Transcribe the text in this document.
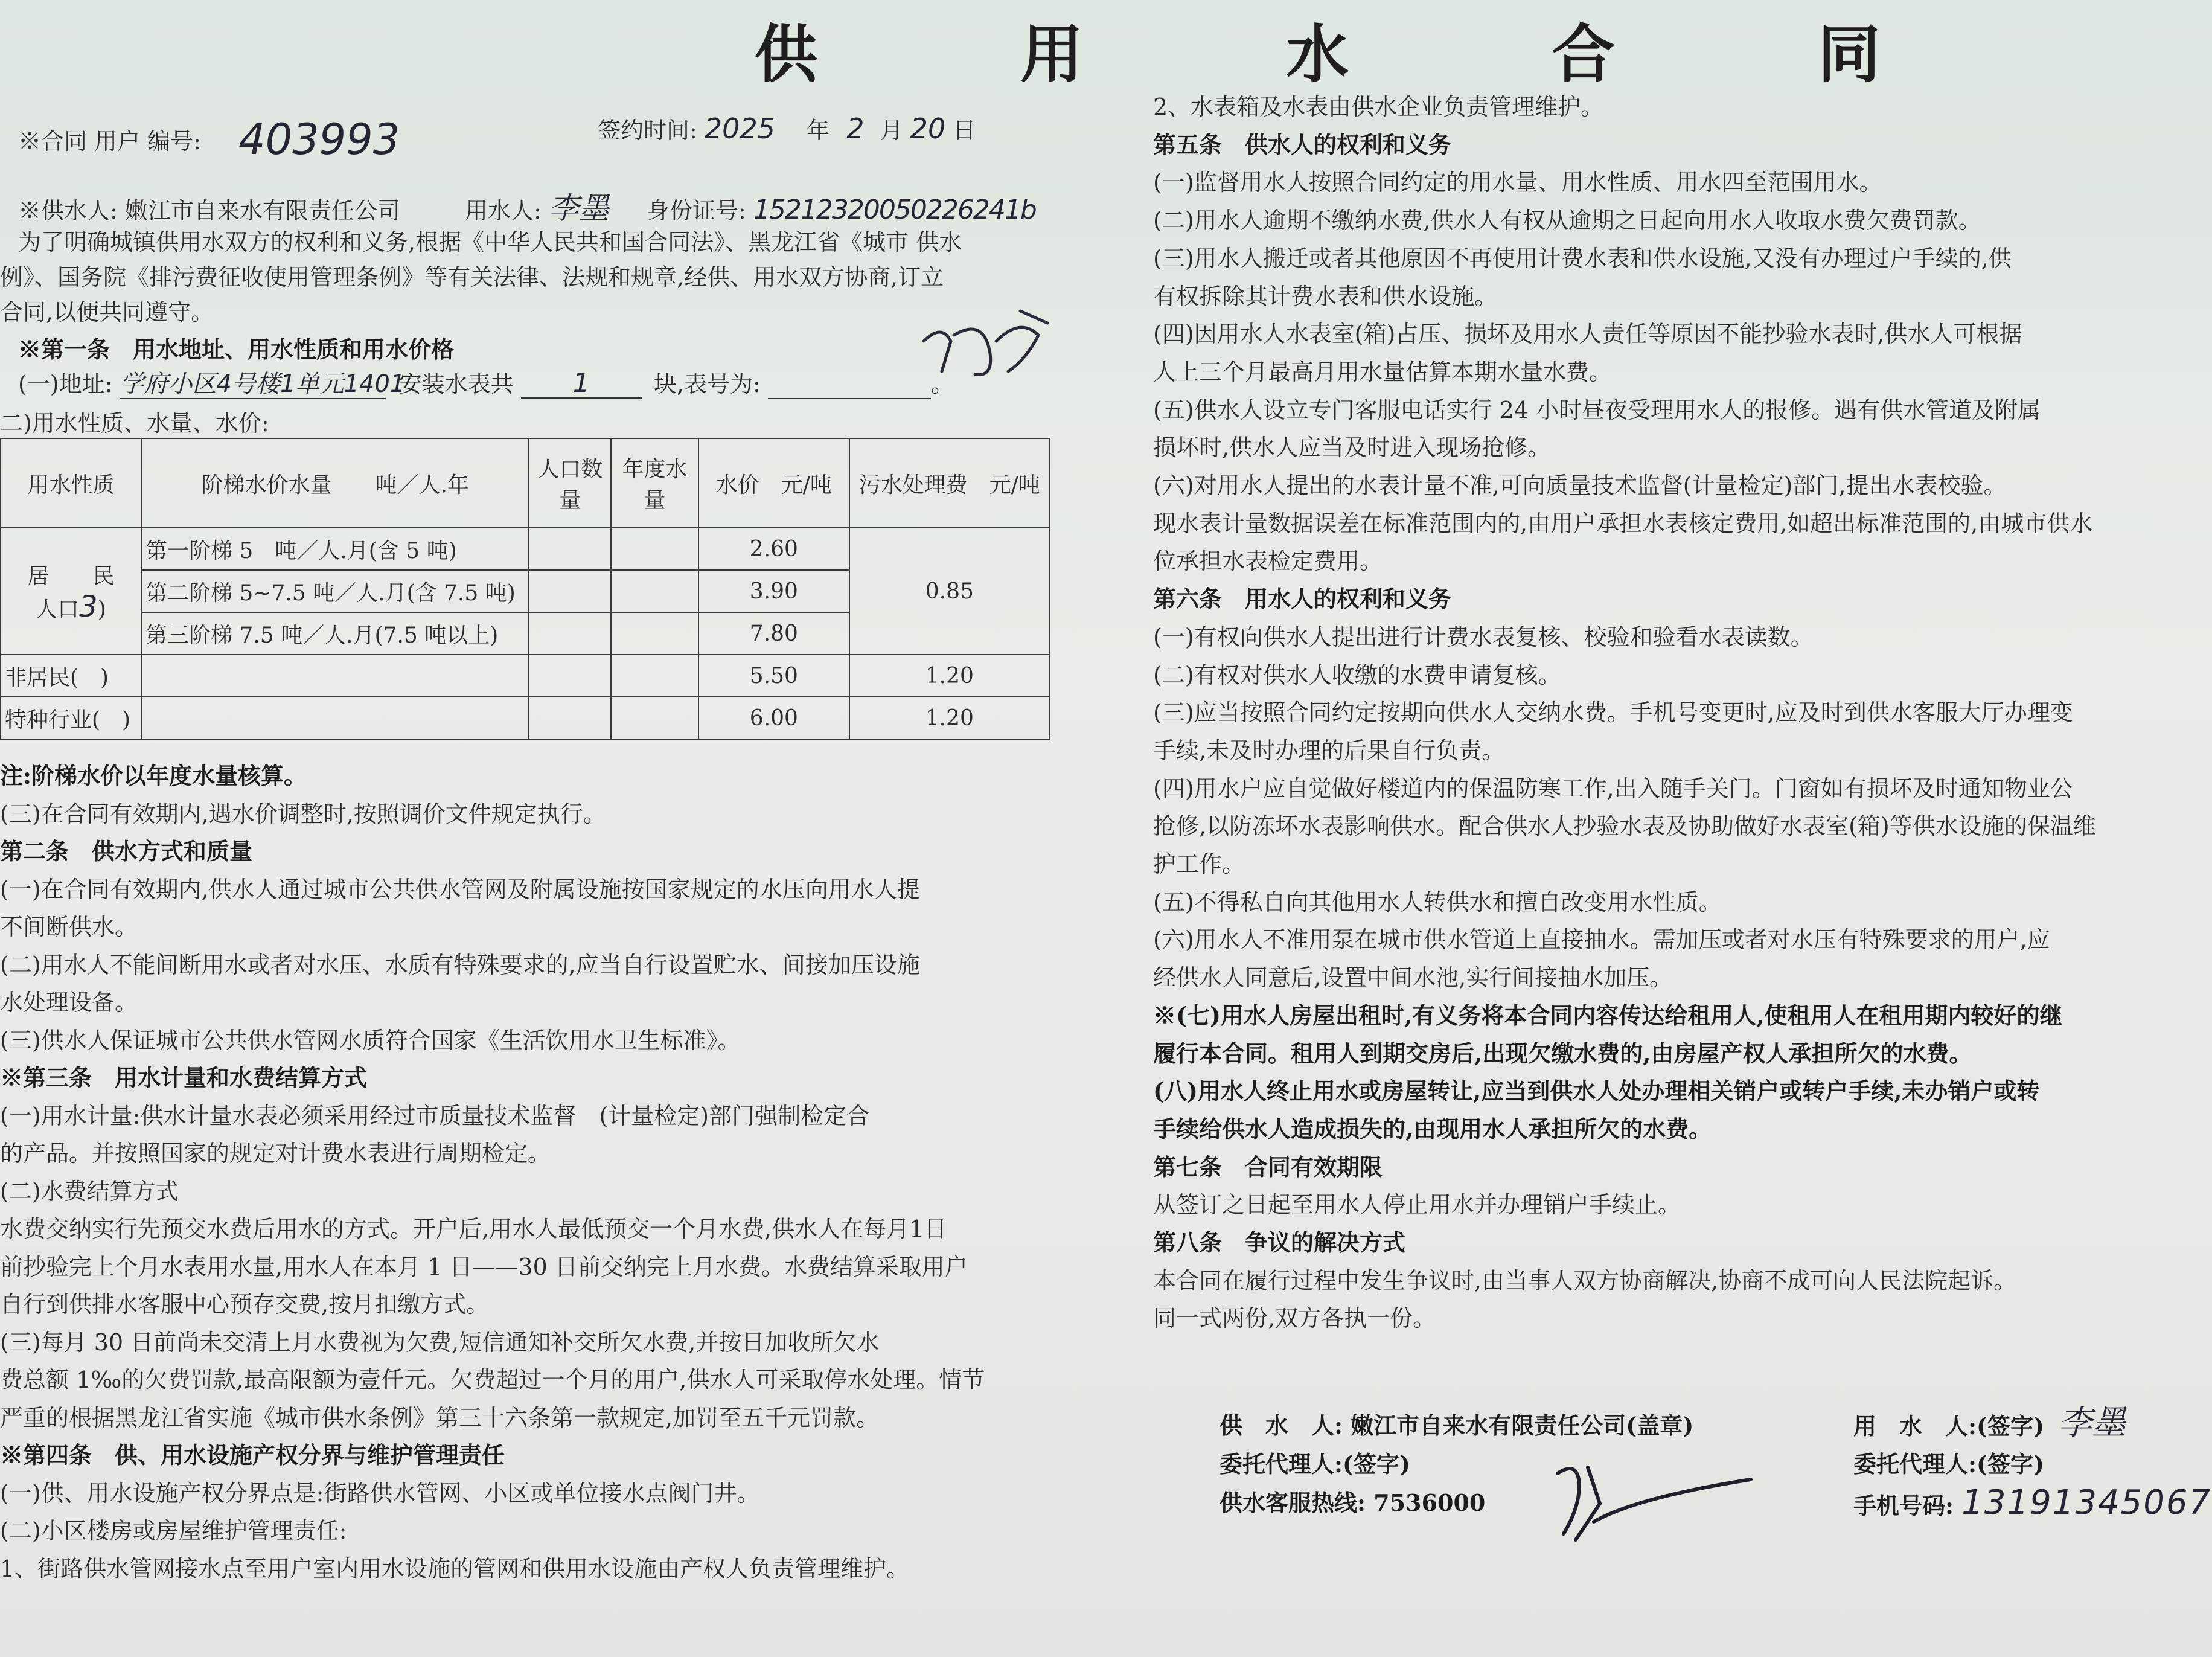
供 用 水 合 同
※合同 用户 编号: 403993	签约时间: 2025 年 2 月 20 日
※供水人: 嫩江市自来水有限责任公司	用水人: 李墨 身份证号: 15212320050226241b
为了明确城镇供用水双方的权利和义务,根据《中华人民共和国合同法》、黑龙江省《城市 供水
例》、国务院《排污费征收使用管理条例》等有关法律、法规和规章,经供、用水双方协商,订立
合同,以便共同遵守。
※第一条　用水地址、用水性质和用水价格
(一)地址: 学府小区4号楼1单元1401 安装水表共 1	块,表号为:	。
二)用水性质、水量、水价:
用水性质	阶梯水价水量　　吨／人.年	人口数量	年度水量	水价　元/吨	污水处理费　元/吨

居　　民
人口3)	第一阶梯 5　吨／人.月(含 5 吨)			2.60	0.85
	第二阶梯 5~7.5 吨／人.月(含 7.5 吨)			3.90	
	第三阶梯 7.5 吨／人.月(7.5 吨以上)			7.80	
非居民(　)				5.50	1.20
特种行业(　)				6.00	1.20
注:阶梯水价以年度水量核算。
(三)在合同有效期内,遇水价调整时,按照调价文件规定执行。
第二条　供水方式和质量
(一)在合同有效期内,供水人通过城市公共供水管网及附属设施按国家规定的水压向用水人提
不间断供水。
(二)用水人不能间断用水或者对水压、水质有特殊要求的,应当自行设置贮水、间接加压设施
水处理设备。
(三)供水人保证城市公共供水管网水质符合国家《生活饮用水卫生标准》。
※第三条　用水计量和水费结算方式
(一)用水计量:供水计量水表必须采用经过市质量技术监督　(计量检定)部门强制检定合
的产品。并按照国家的规定对计费水表进行周期检定。
(二)水费结算方式
水费交纳实行先预交水费后用水的方式。开户后,用水人最低预交一个月水费,供水人在每月1日
前抄验完上个月水表用水量,用水人在本月 1 日——30 日前交纳完上月水费。水费结算采取用户
自行到供排水客服中心预存交费,按月扣缴方式。
(三)每月 30 日前尚未交清上月水费视为欠费,短信通知补交所欠水费,并按日加收所欠水
费总额 1‰的欠费罚款,最高限额为壹仟元。欠费超过一个月的用户,供水人可采取停水处理。情节
严重的根据黑龙江省实施《城市供水条例》第三十六条第一款规定,加罚至五千元罚款。
※第四条　供、用水设施产权分界与维护管理责任
(一)供、用水设施产权分界点是:街路供水管网、小区或单位接水点阀门井。
(二)小区楼房或房屋维护管理责任:
1、街路供水管网接水点至用户室内用水设施的管网和供用水设施由产权人负责管理维护。
2、水表箱及水表由供水企业负责管理维护。
第五条　供水人的权利和义务
(一)监督用水人按照合同约定的用水量、用水性质、用水四至范围用水。
(二)用水人逾期不缴纳水费,供水人有权从逾期之日起向用水人收取水费欠费罚款。
(三)用水人搬迁或者其他原因不再使用计费水表和供水设施,又没有办理过户手续的,供
有权拆除其计费水表和供水设施。
(四)因用水人水表室(箱)占压、损坏及用水人责任等原因不能抄验水表时,供水人可根据
人上三个月最高月用水量估算本期水量水费。
(五)供水人设立专门客服电话实行 24 小时昼夜受理用水人的报修。遇有供水管道及附属
损坏时,供水人应当及时进入现场抢修。
(六)对用水人提出的水表计量不准,可向质量技术监督(计量检定)部门,提出水表校验。
现水表计量数据误差在标准范围内的,由用户承担水表核定费用,如超出标准范围的,由城市供水
位承担水表检定费用。
第六条　用水人的权利和义务
(一)有权向供水人提出进行计费水表复核、校验和验看水表读数。
(二)有权对供水人收缴的水费申请复核。
(三)应当按照合同约定按期向供水人交纳水费。手机号变更时,应及时到供水客服大厅办理变
手续,未及时办理的后果自行负责。
(四)用水户应自觉做好楼道内的保温防寒工作,出入随手关门。门窗如有损坏及时通知物业公
抢修,以防冻坏水表影响供水。配合供水人抄验水表及协助做好水表室(箱)等供水设施的保温维
护工作。
(五)不得私自向其他用水人转供水和擅自改变用水性质。
(六)用水人不准用泵在城市供水管道上直接抽水。需加压或者对水压有特殊要求的用户,应
经供水人同意后,设置中间水池,实行间接抽水加压。
※(七)用水人房屋出租时,有义务将本合同内容传达给租用人,使租用人在租用期内较好的继
履行本合同。租用人到期交房后,出现欠缴水费的,由房屋产权人承担所欠的水费。
(八)用水人终止用水或房屋转让,应当到供水人处办理相关销户或转户手续,未办销户或转
手续给供水人造成损失的,由现用水人承担所欠的水费。
第七条　合同有效期限
从签订之日起至用水人停止用水并办理销户手续止。
第八条　争议的解决方式
本合同在履行过程中发生争议时,由当事人双方协商解决,协商不成可向人民法院起诉。
同一式两份,双方各执一份。
供　水　人: 嫩江市自来水有限责任公司(盖章)
委托代理人:(签字)
供水客服热线: 7536000
用　水　人:(签字) 李墨
委托代理人:(签字)
手机号码: 13191345067
